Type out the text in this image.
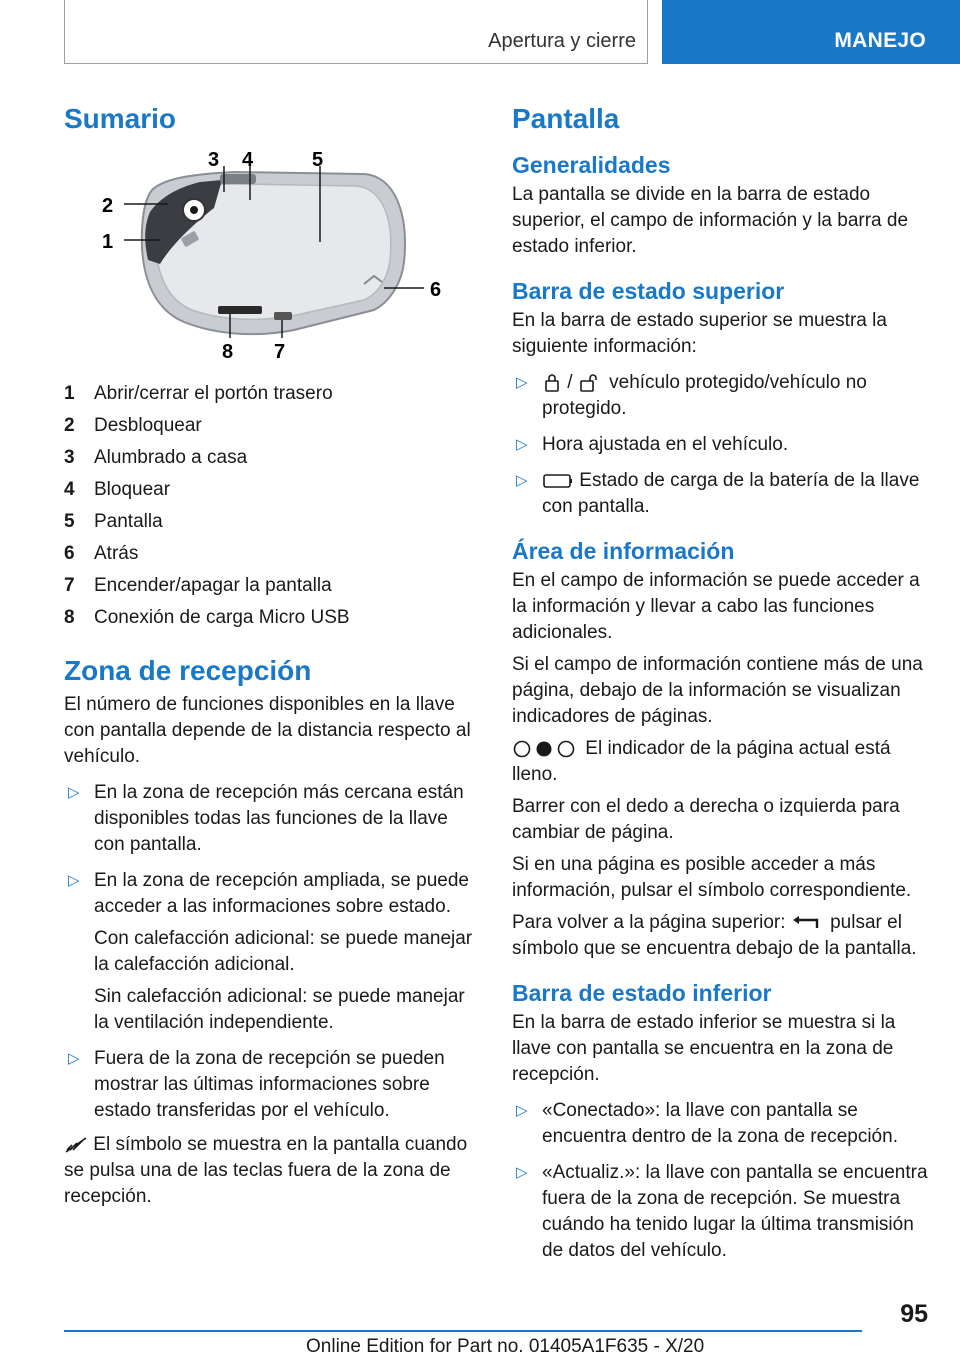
Apertura y cierre	MANEJO
Sumario
3 4	5
2
1
6
8 7
1	Abrir/cerrar el portón trasero
2	Desbloquear
3	Alumbrado a casa
4	Bloquear
5	Pantalla
6	Atrás
7	Encender/apagar la pantalla
8	Conexión de carga Micro USB
Zona de recepción

El número de funciones disponibles en la llave con pantalla depende de la distancia respecto al vehículo.

▷ En la zona de recepción más cercana están disponibles todas las funciones de la llave con pantalla.
▷ En la zona de recepción ampliada, se puede acceder a las informaciones sobre estado.
Con calefacción adicional: se puede manejar la calefacción adicional.
Sin calefacción adicional: se puede manejar la ventilación independiente.
▷ Fuera de la zona de recepción se pueden mostrar las últimas informaciones sobre estado transferidas por el vehículo.

El símbolo se muestra en la pantalla cuando se pulsa una de las teclas fuera de la zona de recepción.

Pantalla
Generalidades

La pantalla se divide en la barra de estado superior, el campo de información y la barra de estado inferior.

Barra de estado superior

En la barra de estado superior se muestra la siguiente información:

▷ / vehículo protegido/vehículo no protegido.
▷ Hora ajustada en el vehículo.
▷	Estado de carga de la batería de la llave con pantalla.
Área de información

En el campo de información se puede acceder a la información y llevar a cabo las funciones adicionales.

Si el campo de información contiene más de una página, debajo de la información se visualizan indicadores de páginas.

El indicador de la página actual está lleno.

Barrer con el dedo a derecha o izquierda para cambiar de página.

Si en una página es posible acceder a más información, pulsar el símbolo correspondiente.

Para volver a la página superior: pulsar el símbolo que se encuentra debajo de la pantalla.

Barra de estado inferior

En la barra de estado inferior se muestra si la llave con pantalla se encuentra en la zona de recepción.

▷ «Conectado»: la llave con pantalla se encuentra dentro de la zona de recepción.
▷ «Actualiz.»: la llave con pantalla se encuentra fuera de la zona de recepción. Se muestra cuándo ha tenido lugar la última transmisión de datos del vehículo.
95
Online Edition for Part no. 01405A1F635 - X/20
